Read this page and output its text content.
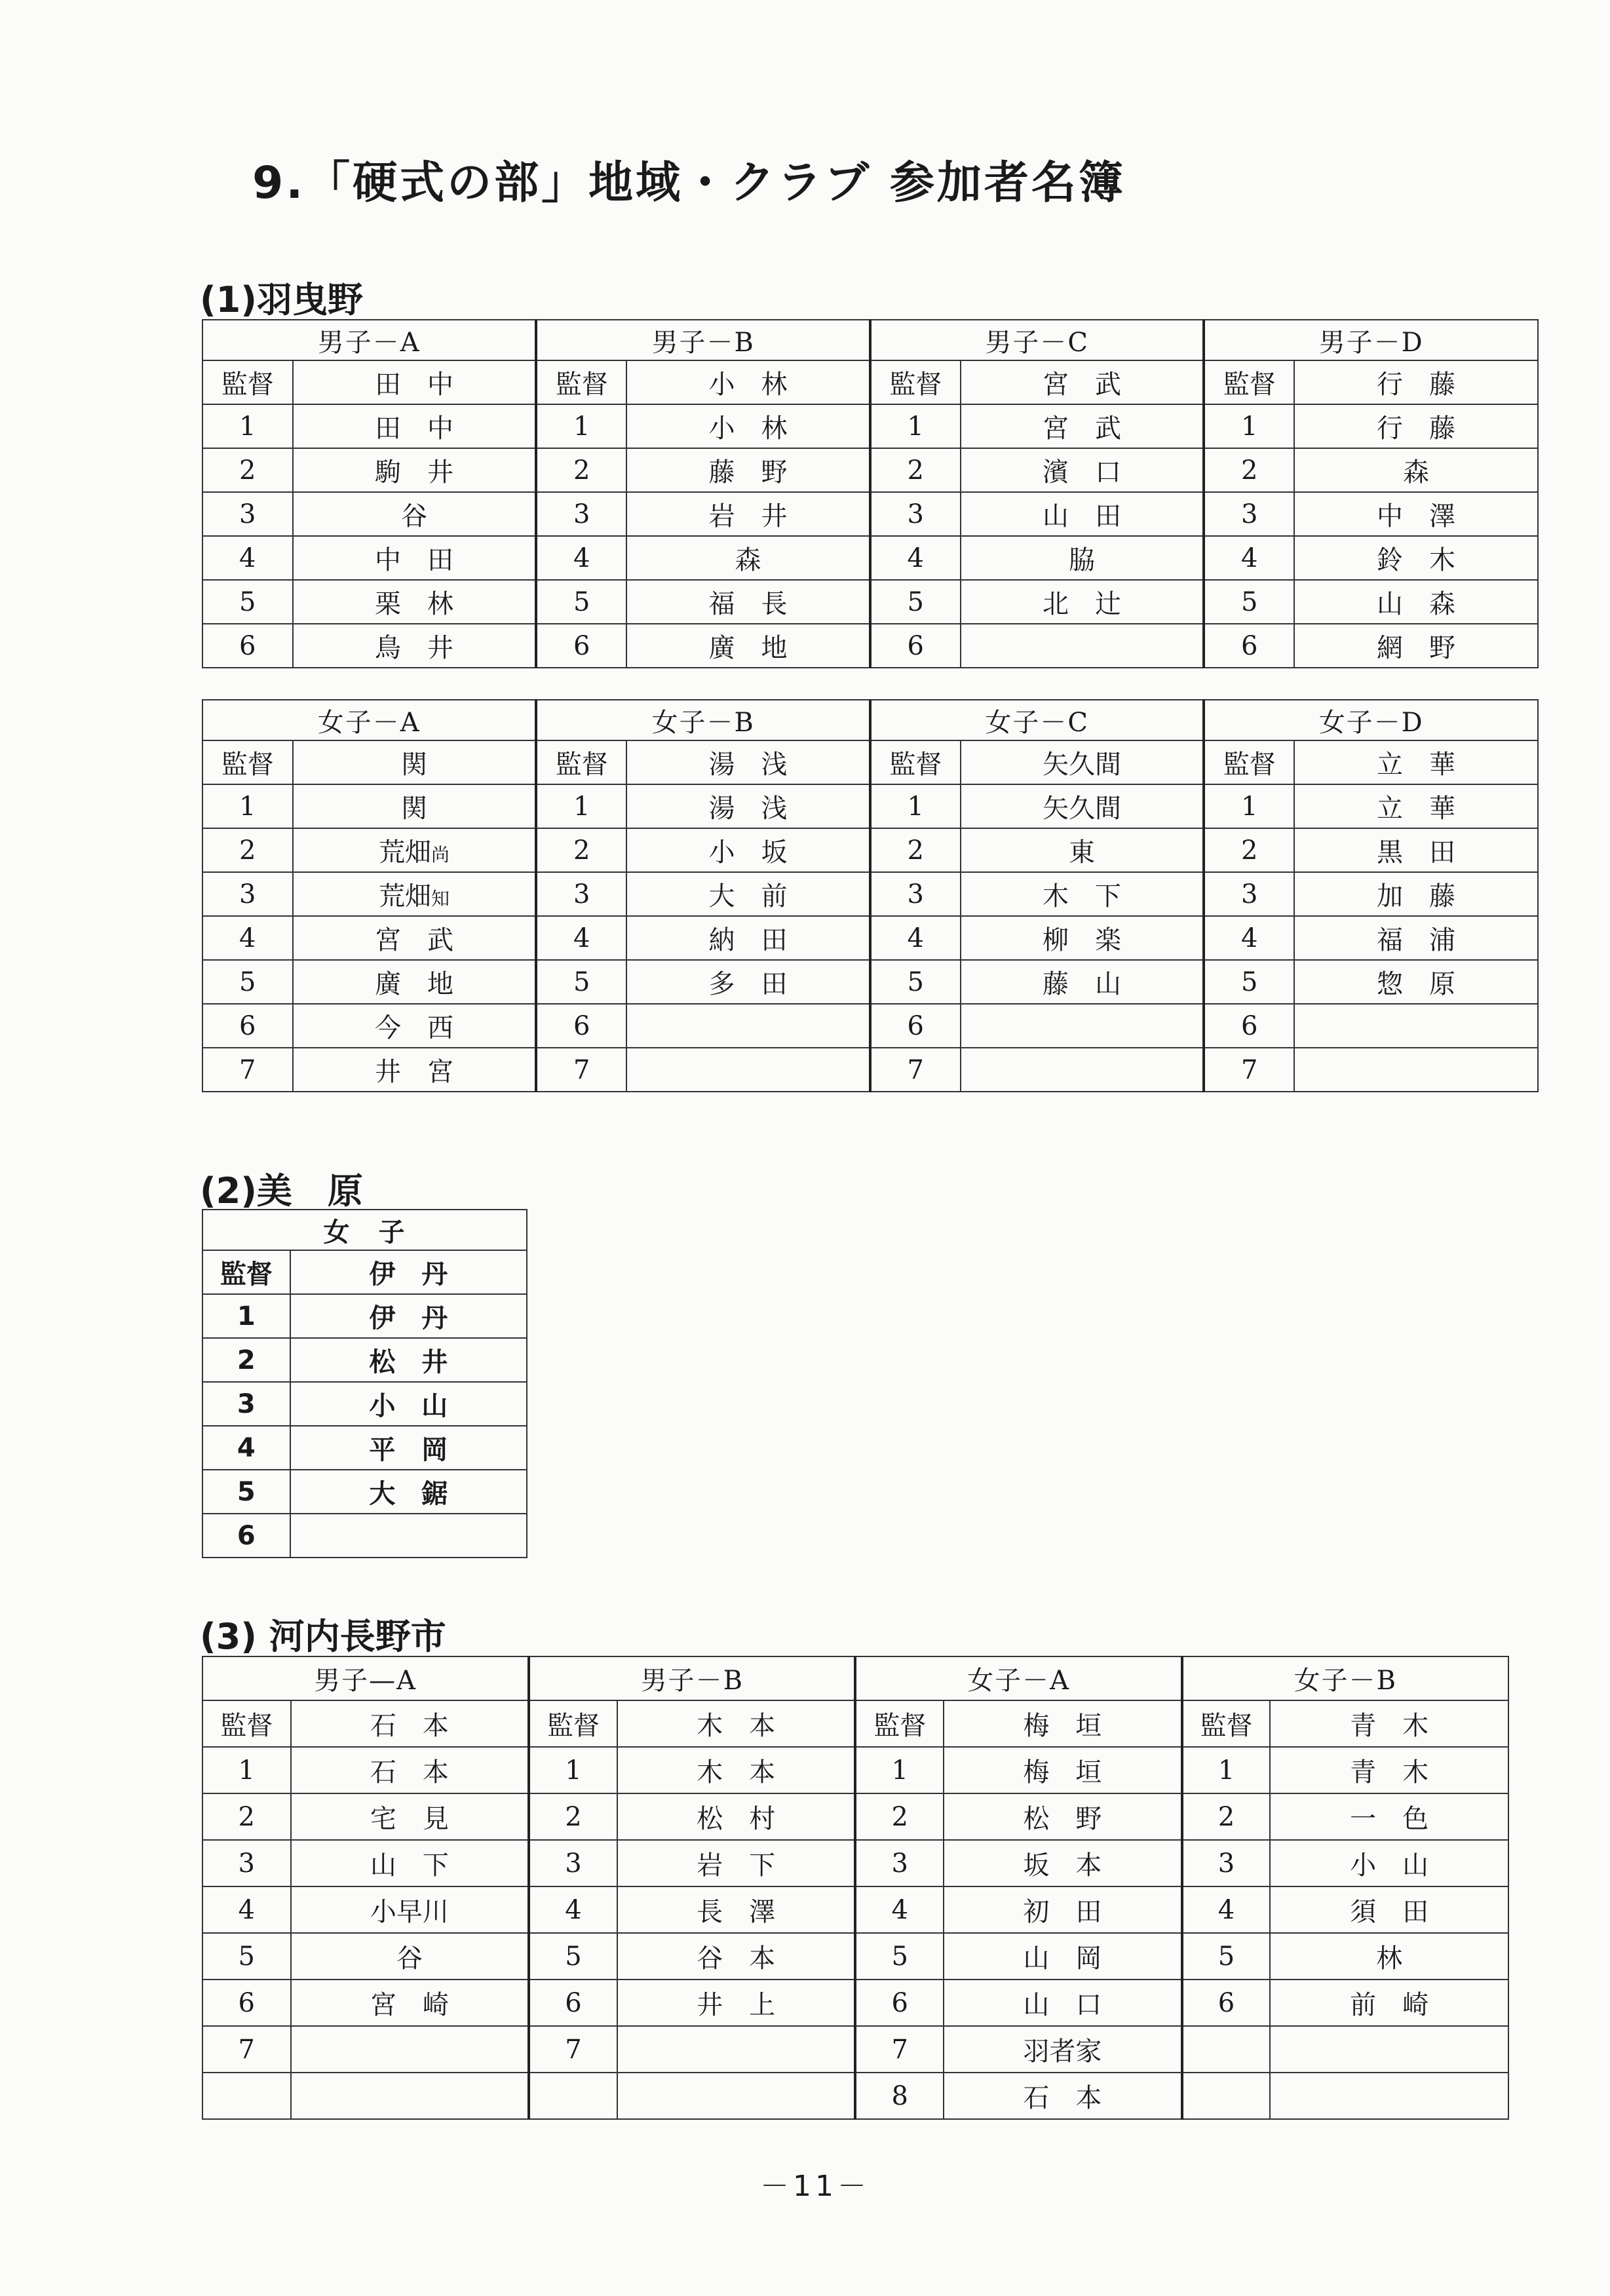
9.「硬式の部」地域・クラブ 参加者名簿
(1)羽曳野
男子－A		男子－B		男子－C		男子－D	
監督	田　中	監督	小　林	監督	宮　武	監督	行　藤
1	田　中	1	小　林	1	宮　武	1	行　藤
2	駒　井	2	藤　野	2	濱　口	2	森
3	谷	3	岩　井	3	山　田	3	中　澤
4	中　田	4	森	4	脇	4	鈴　木
5	栗　林	5	福　長	5	北　辻	5	山　森
6	鳥　井	6	廣　地	6		6	網　野
女子－A		女子－B		女子－C		女子－D	
監督	関	監督	湯　浅	監督	矢久間	監督	立　華
1	関	1	湯　浅	1	矢久間	1	立　華
2	荒畑尚	2	小　坂	2	東	2	黒　田
3	荒畑知	3	大　前	3	木　下	3	加　藤
4	宮　武	4	納　田	4	柳　楽	4	福　浦
5	廣　地	5	多　田	5	藤　山	5	惣　原
6	今　西	6		6		6	
7	井　宮	7		7		7	
(2)美　原
女　子	
監督	伊　丹
1	伊　丹
2	松　井
3	小　山
4	平　岡
5	大　鋸
6	
(3) 河内長野市
男子—A		男子－B		女子－A		女子－B	
監督	石　本	監督	木　本	監督	梅　垣	監督	青　木
1	石　本	1	木　本	1	梅　垣	1	青　木
2	宅　見	2	松　村	2	松　野	2	一　色
3	山　下	3	岩　下	3	坂　本	3	小　山
4	小早川	4	長　澤	4	初　田	4	須　田
5	谷	5	谷　本	5	山　岡	5	林
6	宮　崎	6	井　上	6	山　口	6	前　崎
7		7		7	羽者家		
				8	石　本		
－11－
